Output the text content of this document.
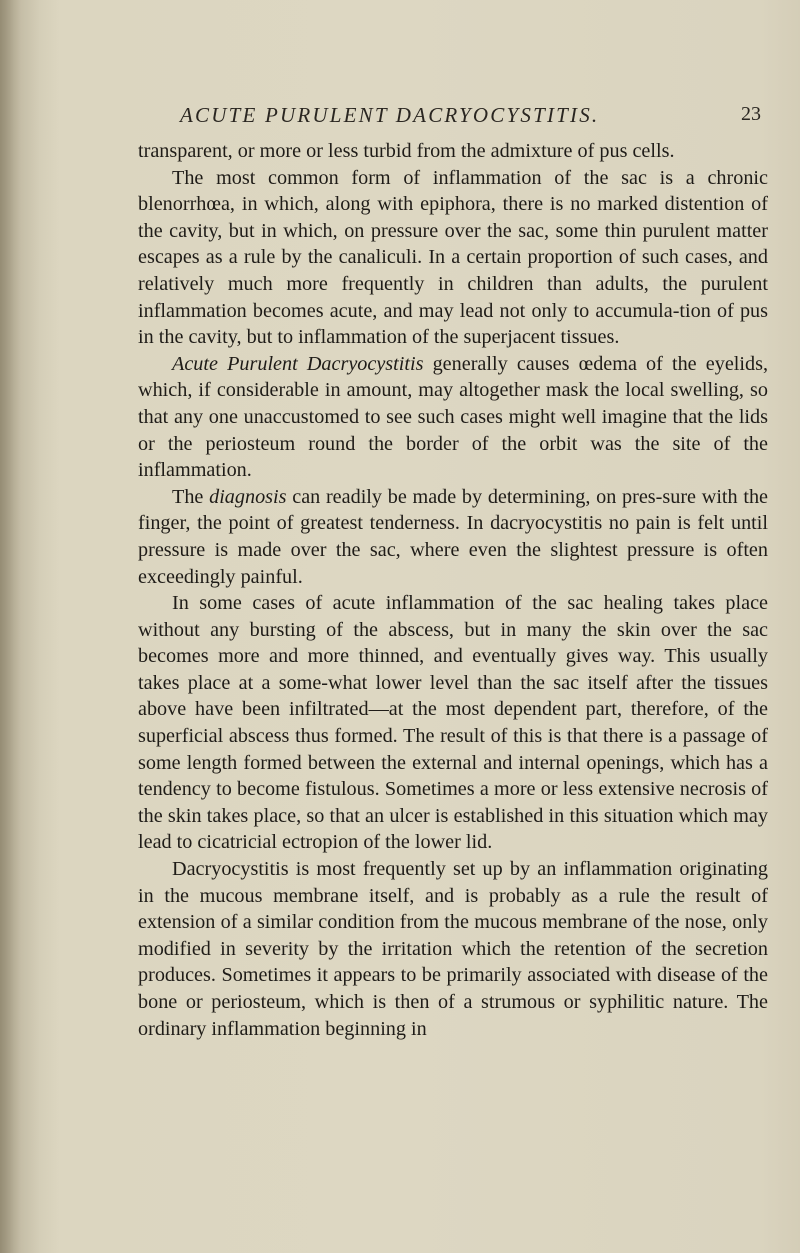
ACUTE PURULENT DACRYOCYSTITIS.	23

transparent, or more or less turbid from the admixture of pus cells.

The most common form of inflammation of the sac is a chronic blenorrhœa, in which, along with epiphora, there is no marked distention of the cavity, but in which, on pressure over the sac, some thin purulent matter escapes as a rule by the canaliculi. In a certain proportion of such cases, and relatively much more frequently in children than adults, the purulent inflammation becomes acute, and may lead not only to accumula-tion of pus in the cavity, but to inflammation of the superjacent tissues.

Acute Purulent Dacryocystitis generally causes œdema of the eyelids, which, if considerable in amount, may altogether mask the local swelling, so that any one unaccustomed to see such cases might well imagine that the lids or the periosteum round the border of the orbit was the site of the inflammation.

The diagnosis can readily be made by determining, on pres-sure with the finger, the point of greatest tenderness. In dacryocystitis no pain is felt until pressure is made over the sac, where even the slightest pressure is often exceedingly painful.

In some cases of acute inflammation of the sac healing takes place without any bursting of the abscess, but in many the skin over the sac becomes more and more thinned, and eventually gives way. This usually takes place at a some-what lower level than the sac itself after the tissues above have been infiltrated—at the most dependent part, therefore, of the superficial abscess thus formed. The result of this is that there is a passage of some length formed between the external and internal openings, which has a tendency to become fistulous. Sometimes a more or less extensive necrosis of the skin takes place, so that an ulcer is established in this situation which may lead to cicatricial ectropion of the lower lid.

Dacryocystitis is most frequently set up by an inflammation originating in the mucous membrane itself, and is probably as a rule the result of extension of a similar condition from the mucous membrane of the nose, only modified in severity by the irritation which the retention of the secretion produces. Sometimes it appears to be primarily associated with disease of the bone or periosteum, which is then of a strumous or syphilitic nature. The ordinary inflammation beginning in
